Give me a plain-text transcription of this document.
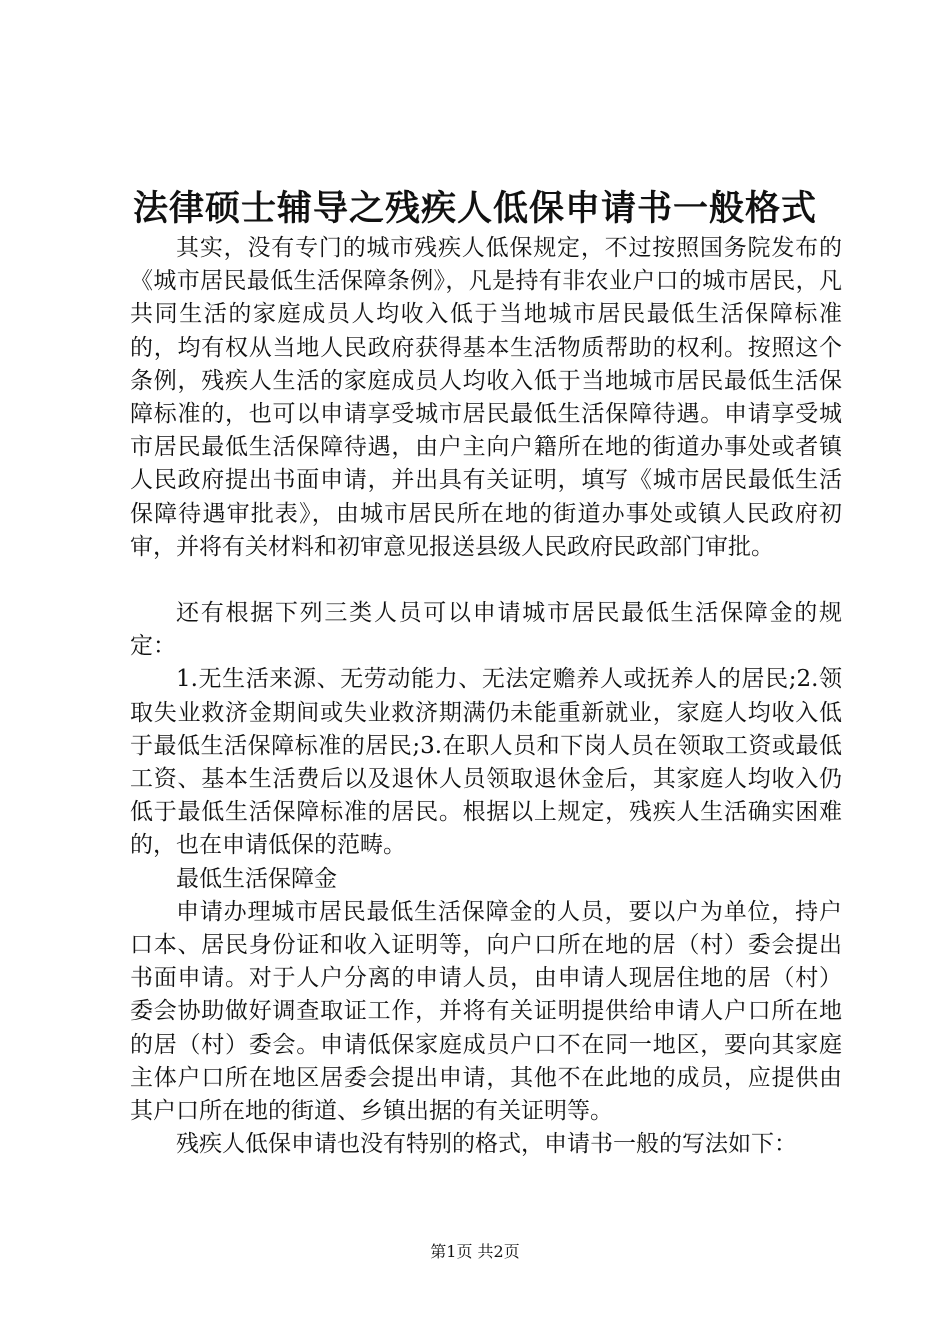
法律硕士辅导之残疾人低保申请书一般格式

其实，没有专门的城市残疾人低保规定，不过按照国务院发布的《城市居民最低生活保障条例》，凡是持有非农业户口的城市居民，凡共同生活的家庭成员人均收入低于当地城市居民最低生活保障标准的，均有权从当地人民政府获得基本生活物质帮助的权利。按照这个条例，残疾人生活的家庭成员人均收入低于当地城市居民最低生活保障标准的，也可以申请享受城市居民最低生活保障待遇。申请享受城市居民最低生活保障待遇，由户主向户籍所在地的街道办事处或者镇人民政府提出书面申请，并出具有关证明，填写《城市居民最低生活保障待遇审批表》，由城市居民所在地的街道办事处或镇人民政府初审，并将有关材料和初审意见报送县级人民政府民政部门审批。

还有根据下列三类人员可以申请城市居民最低生活保障金的规定：

1.无生活来源、无劳动能力、无法定赡养人或抚养人的居民;2.领取失业救济金期间或失业救济期满仍未能重新就业，家庭人均收入低于最低生活保障标准的居民;3.在职人员和下岗人员在领取工资或最低工资、基本生活费后以及退休人员领取退休金后，其家庭人均收入仍低于最低生活保障标准的居民。根据以上规定，残疾人生活确实困难的，也在申请低保的范畴。

最低生活保障金

申请办理城市居民最低生活保障金的人员，要以户为单位，持户口本、居民身份证和收入证明等，向户口所在地的居（村）委会提出书面申请。对于人户分离的申请人员，由申请人现居住地的居（村）委会协助做好调查取证工作，并将有关证明提供给申请人户口所在地的居（村）委会。申请低保家庭成员户口不在同一地区，要向其家庭主体户口所在地区居委会提出申请，其他不在此地的成员，应提供由其户口所在地的街道、乡镇出据的有关证明等。

残疾人低保申请也没有特别的格式，申请书一般的写法如下：

第1页 共2页
